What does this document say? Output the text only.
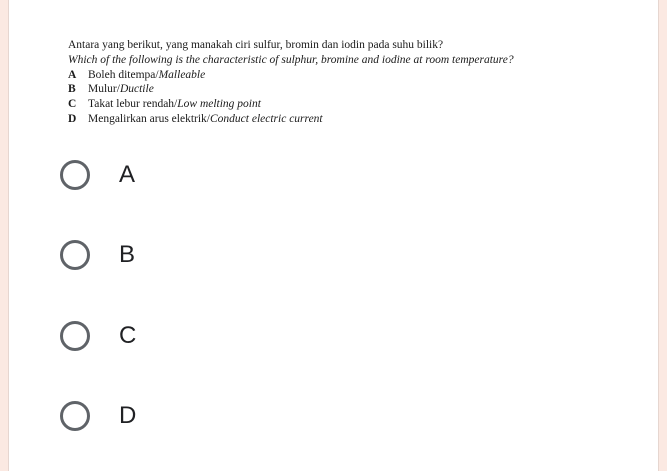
Antara yang berikut, yang manakah ciri sulfur, bromin dan iodin pada suhu bilik?
Which of the following is the characteristic of sulphur, bromine and iodine at room temperature?
A	Boleh ditempa / Malleable
B	Mulur / Ductile
C	Takat lebur rendah / Low melting point
D	Mengalirkan arus elektrik / Conduct electric current
A
B
C
D
